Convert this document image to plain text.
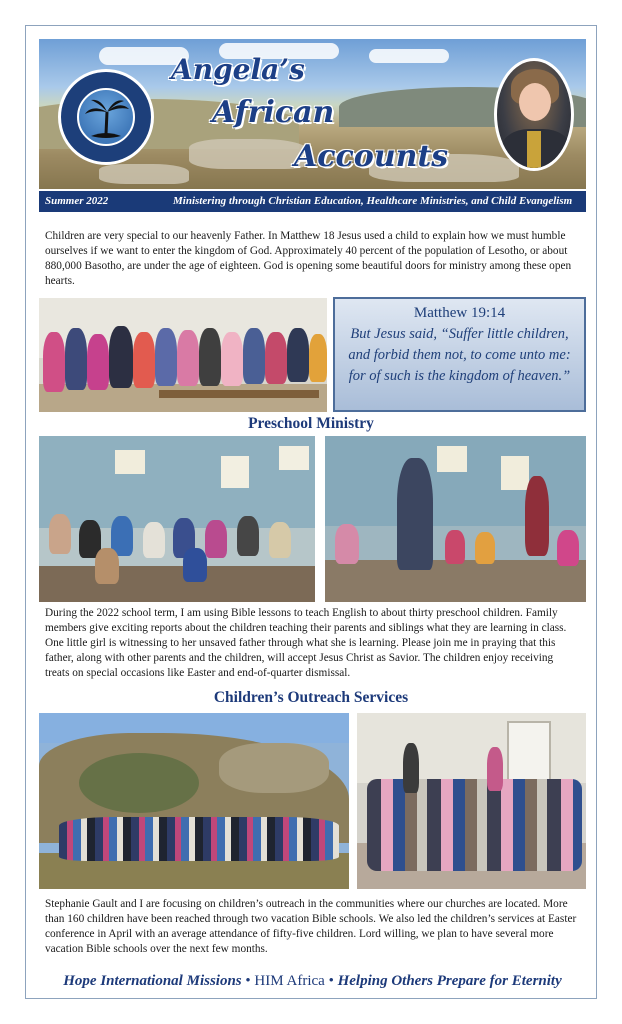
Angela’s
African
Accounts
Summer 2022	Ministering through Christian Education, Healthcare Ministries, and Child Evangelism

Children are very special to our heavenly Father. In Matthew 18 Jesus used a child to explain how we must humble ourselves if we want to enter the kingdom of God. Approximately 40 percent of the population of Lesotho, or about 880,000 Basotho, are under the age of eighteen. God is opening some beautiful doors for ministry among these open hearts.

Matthew 19:14
But Jesus said, “Suffer little children, and forbid them not, to come unto me: for of such is the kingdom of heaven.”
Preschool Ministry

During the 2022 school term, I am using Bible lessons to teach English to about thirty preschool children. Family members give exciting reports about the children teaching their parents and siblings what they are learning in class. One little girl is witnessing to her unsaved father through what she is learning. Please join me in praying that this father, along with other parents and the children, will accept Jesus Christ as Savior. The children enjoy receiving treats on special occasions like Easter and end-of-quarter dismissal.

Children’s Outreach Services

Stephanie Gault and I are focusing on children’s outreach in the communities where our churches are located. More than 160 children have been reached through two vacation Bible schools. We also led the children’s services at Easter conference in April with an average attendance of fifty-five children. Lord willing, we plan to have several more vacation Bible schools over the next few months.

Hope International Missions • HIM Africa • Helping Others Prepare for Eternity
